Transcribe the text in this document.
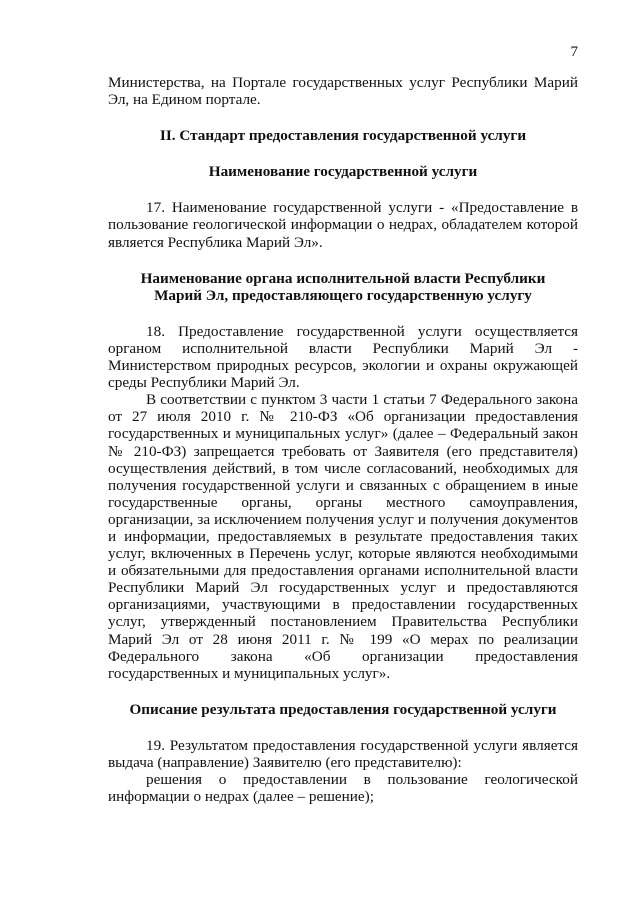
7

Министерства, на Портале государственных услуг Республики Марий Эл, на Едином портале.

II. Стандарт предоставления государственной услуги

Наименование государственной услуги

17. Наименование государственной услуги - «Предоставление в пользование геологической информации о недрах, обладателем которой является Республика Марий Эл».

Наименование органа исполнительной власти Республики

Марий Эл, предоставляющего государственную услугу

18. Предоставление государственной услуги осуществляется органом исполнительной власти Республики Марий Эл - Министерством природных ресурсов, экологии и охраны окружающей среды Республики Марий Эл.

В соответствии с пунктом 3 части 1 статьи 7 Федерального закона от 27 июля 2010 г. № 210-ФЗ «Об организации предоставления государственных и муниципальных услуг» (далее – Федеральный закон № 210-ФЗ) запрещается требовать от Заявителя (его представителя) осуществления действий, в том числе согласований, необходимых для получения государственной услуги и связанных с обращением в иные государственные органы, органы местного самоуправления, организации, за исключением получения услуг и получения документов и информации, предоставляемых в результате предоставления таких услуг, включенных в Перечень услуг, которые являются необходимыми и обязательными для предоставления органами исполнительной власти Республики Марий Эл государственных услуг и предоставляются организациями, участвующими в предоставлении государственных услуг, утвержденный постановлением Правительства Республики Марий Эл от 28 июня 2011 г. № 199 «О мерах по реализации Федерального закона «Об организации предоставления государственных и муниципальных услуг».

Описание результата предоставления государственной услуги

19. Результатом предоставления государственной услуги является выдача (направление) Заявителю (его представителю):

решения о предоставлении в пользование геологической информации о недрах (далее – решение);
